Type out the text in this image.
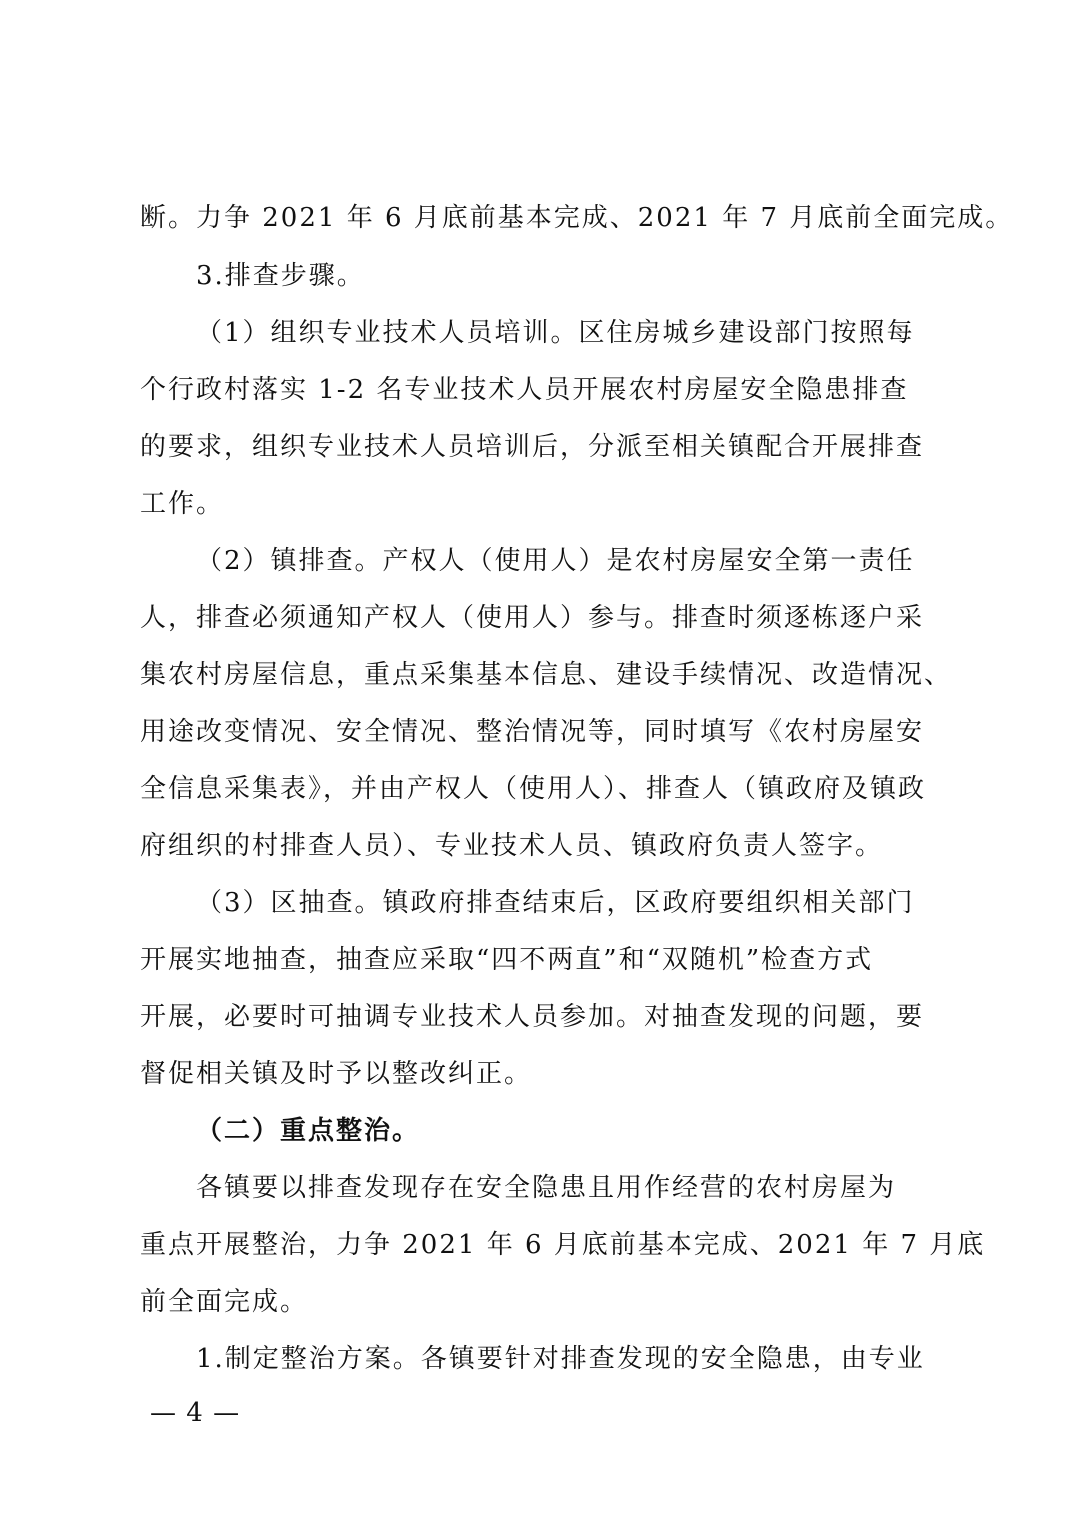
断。力争 2021 年 6 月底前基本完成、2021 年 7 月底前全面完成。
3.排查步骤。
（1）组织专业技术人员培训。区住房城乡建设部门按照每
个行政村落实 1-2 名专业技术人员开展农村房屋安全隐患排查
的要求，组织专业技术人员培训后，分派至相关镇配合开展排查
工作。
（2）镇排查。产权人（使用人）是农村房屋安全第一责任
人，排查必须通知产权人（使用人）参与。排查时须逐栋逐户采
集农村房屋信息，重点采集基本信息、建设手续情况、改造情况、
用途改变情况、安全情况、整治情况等，同时填写《农村房屋安
全信息采集表》，并由产权人（使用人）、排查人（镇政府及镇政
府组织的村排查人员）、专业技术人员、镇政府负责人签字。
（3）区抽查。镇政府排查结束后，区政府要组织相关部门
开展实地抽查，抽查应采取“四不两直”和“双随机”检查方式
开展，必要时可抽调专业技术人员参加。对抽查发现的问题，要
督促相关镇及时予以整改纠正。
（二）重点整治。
各镇要以排查发现存在安全隐患且用作经营的农村房屋为
重点开展整治，力争 2021 年 6 月底前基本完成、2021 年 7 月底
前全面完成。
1.制定整治方案。各镇要针对排查发现的安全隐患，由专业
— 4 —
